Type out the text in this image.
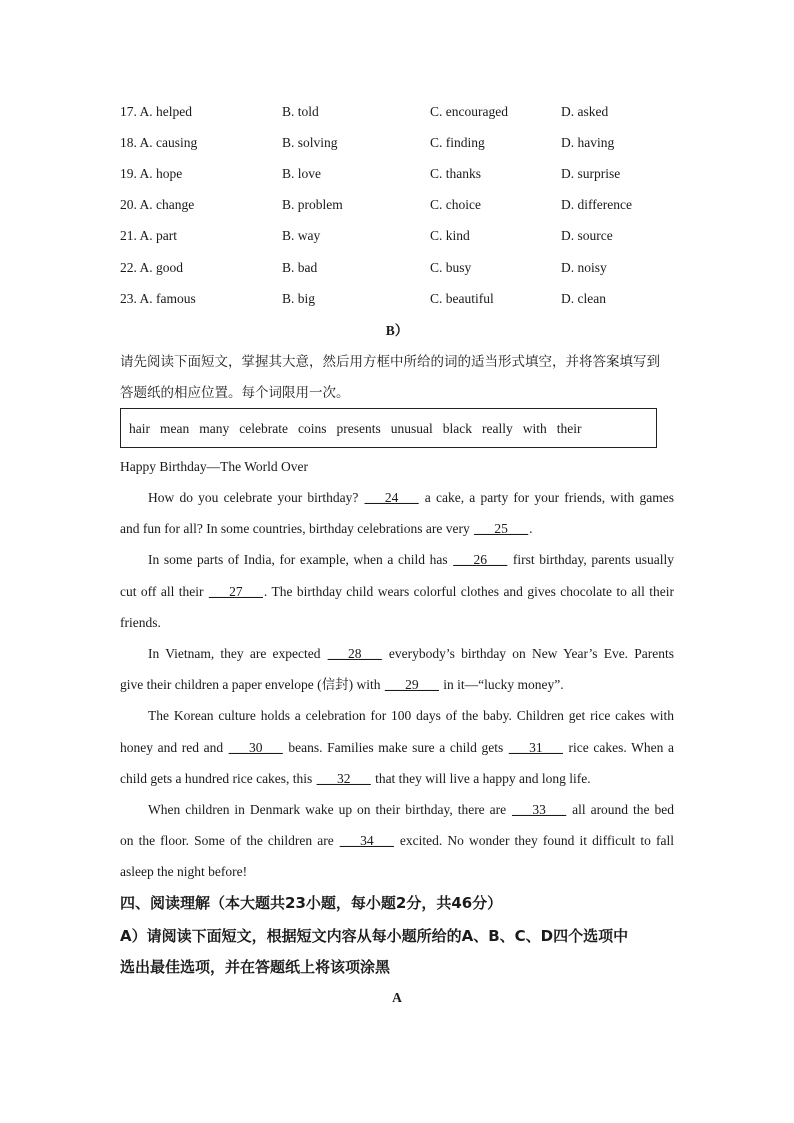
17. A. helped	B. told	C. encouraged	D. asked
18. A. causing	B. solving	C. finding	D. having
19. A. hope	B. love	C. thanks	D. surprise
20. A. change	B. problem	C. choice	D. difference
21. A. part	B. way	C. kind	D. source
22. A. good	B. bad	C. busy	D. noisy
23. A. famous	B. big	C. beautiful	D. clean
B）
请先阅读下面短文，掌握其大意，然后用方框中所给的词的适当形式填空，并将答案填写到
答题纸的相应位置。每个词限用一次。
hair mean many celebrate coins presents unusual black really with their
Happy Birthday—The World Over
How do you celebrate your birthday? ___24___ a cake, a party for your friends, with games
and fun for all? In some countries, birthday celebrations are very ___25___.
In some parts of India, for example, when a child has ___26___ first birthday, parents usually
cut off all their ___27___. The birthday child wears colorful clothes and gives chocolate to all their
friends.
In Vietnam, they are expected ___28___ everybody’s birthday on New Year’s Eve. Parents
give their children a paper envelope (信封) with ___29___ in it—“lucky money”.
The Korean culture holds a celebration for 100 days of the baby. Children get rice cakes with
honey and red and ___30___ beans. Families make sure a child gets ___31___ rice cakes. When a
child gets a hundred rice cakes, this ___32___ that they will live a happy and long life.
When children in Denmark wake up on their birthday, there are ___33___ all around the bed
on the floor. Some of the children are ___34___ excited. No wonder they found it difficult to fall
asleep the night before!
四、阅读理解（本大题共23小题，每小题2分，共46分）
A）请阅读下面短文，根据短文内容从每小题所给的A、B、C、D四个选项中
选出最佳选项，并在答题纸上将该项涂黑
A
